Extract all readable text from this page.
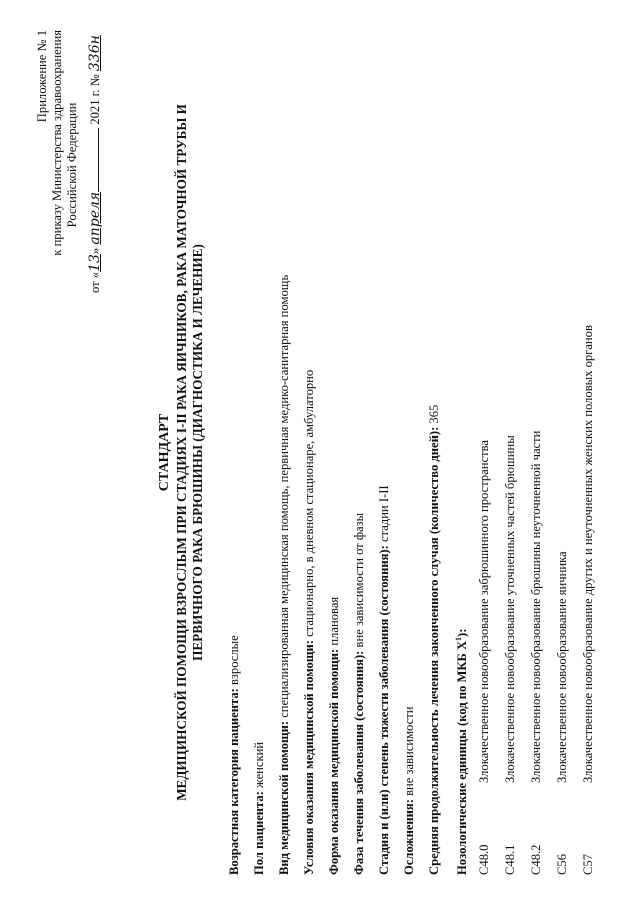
Приложение № 1 к приказу Министерства здравоохранения Российской Федерации
от «13» апреля 2021 г. № 336н
СТАНДАРТ МЕДИЦИНСКОЙ ПОМОЩИ ВЗРОСЛЫМ ПРИ СТАДИЯХ I-II РАКА ЯИЧНИКОВ, РАКА МАТОЧНОЙ ТРУБЫ И ПЕРВИЧНОГО РАКА БРЮШИНЫ (ДИАГНОСТИКА И ЛЕЧЕНИЕ)
Возрастная категория пациента: взрослые
Пол пациента: женский Вид медицинской помощи: специализированная медицинская помощь, первичная медико-санитарная помощь
Условия оказания медицинской помощи: стационарно, в дневном стационаре, амбулаторно
Форма оказания медицинской помощи: плановая
Фаза течения заболевания (состояния): вне зависимости от фазы Стадия и (или) степень тяжести заболевания (состояния): стадии I-II
Осложнения: вне зависимости Средняя продолжительность лечения законченного случая (количество дней): 365
Нозологические единицы (код по МКБ $X^1$):
C48.0
Злокачественное новообразование забрюшинного пространства
C48.1
Злокачественное новообразование уточненных частей брюшины
C48.2
Злокачественное новообразование брюшины неуточненной части
C56
Злокачественное новообразование яичника
C57
Злокачественное новообразование других и неуточненных женских половых органов
